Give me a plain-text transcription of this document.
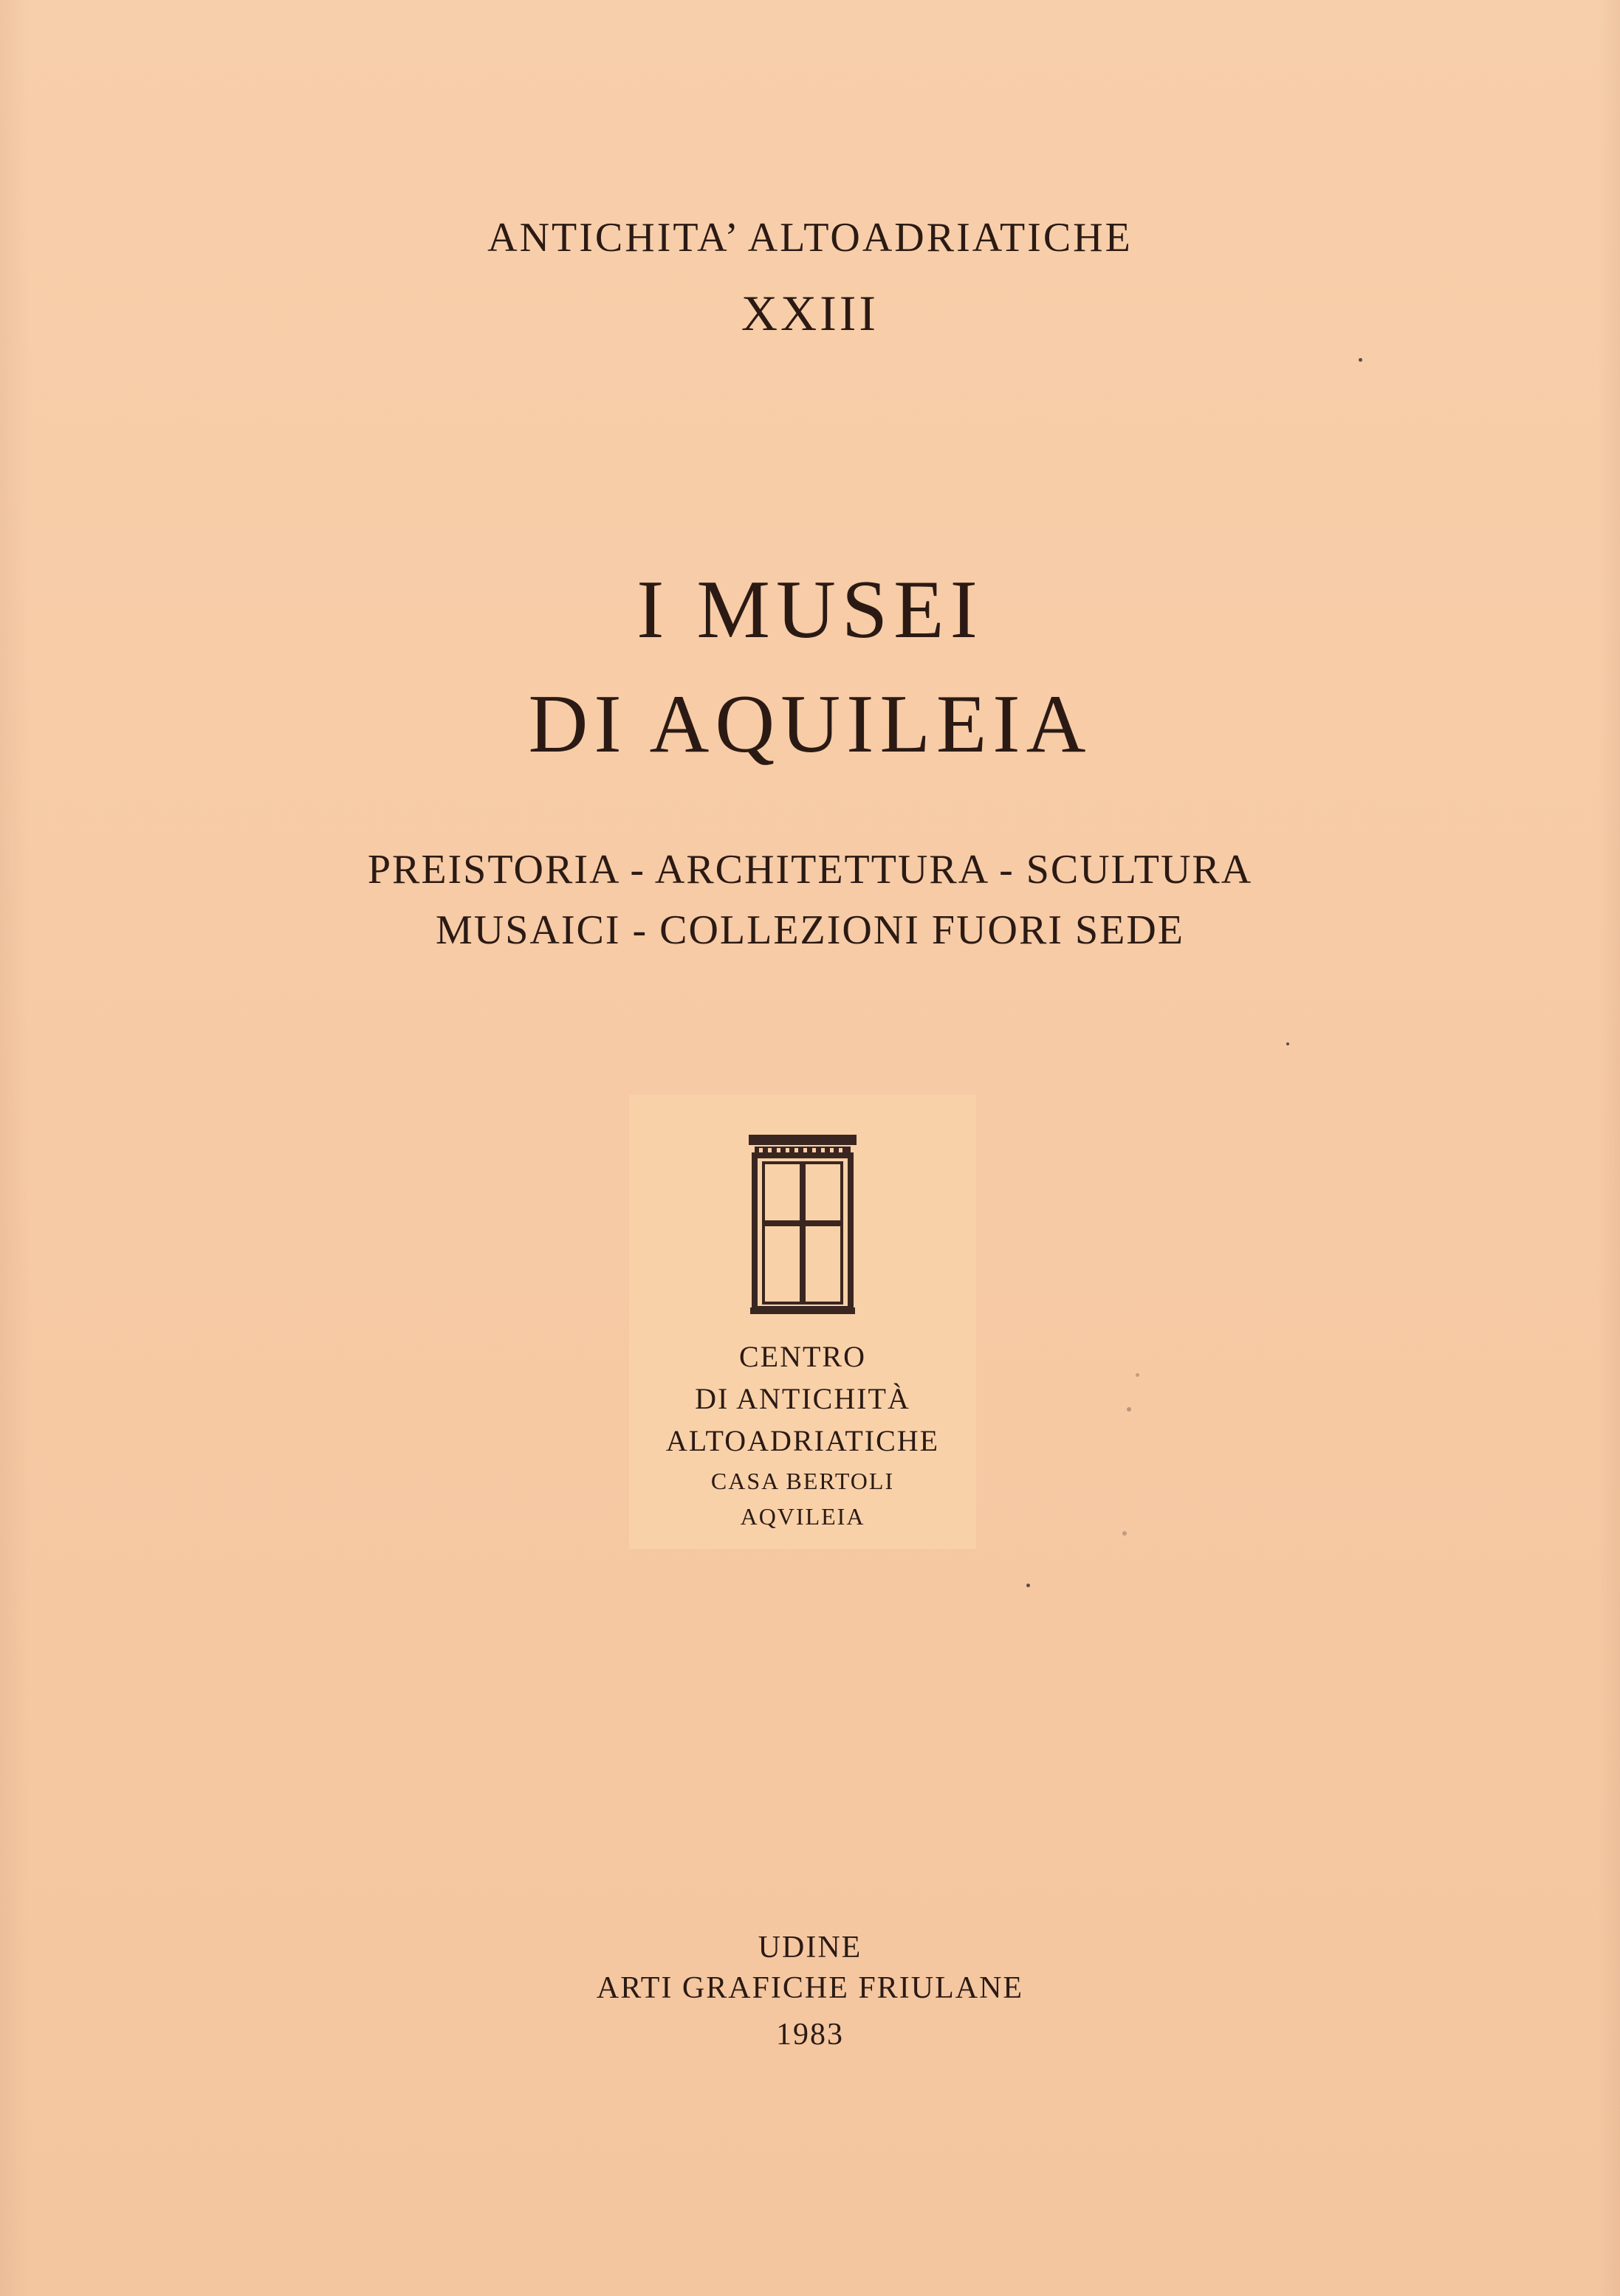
ANTICHITA’ ALTOADRIATICHE
XXIII
I MUSEI
DI AQUILEIA
PREISTORIA - ARCHITETTURA - SCULTURA
MUSAICI - COLLEZIONI FUORI SEDE
CENTRO
DI ANTICHITÀ
ALTOADRIATICHE
CASA BERTOLI
AQVILEIA
UDINE
ARTI GRAFICHE FRIULANE
1983
